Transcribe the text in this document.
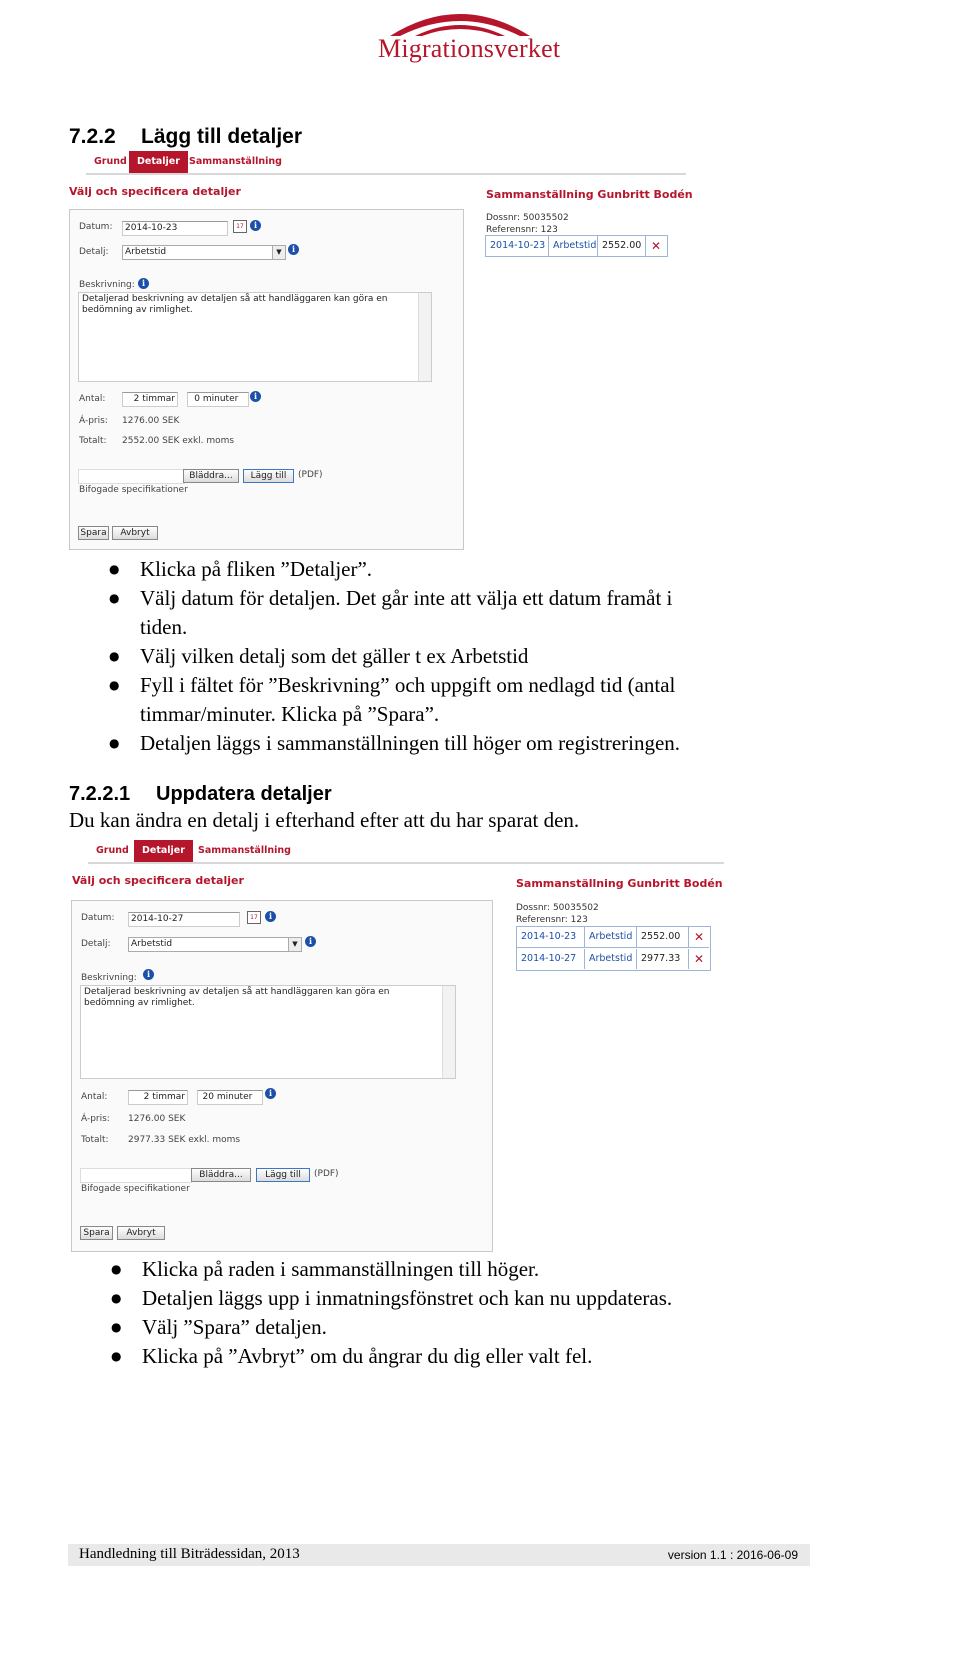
Migrationsverket
7.2.2 Lägg till detaljer
Grund	Detaljer Sammanställning
Välj och specificera detaljer
Datum:	2014-10-23	17	i
Detalj:	Arbetstid	▼	i
Beskrivning: i
Detaljerad beskrivning av detaljen så att handläggaren kan göra en bedömning av rimlighet.
Antal:	2 timmar	0 minuter	i
Á-pris: 1276.00 SEK
Totalt: 2552.00 SEK exkl. moms
Bläddra...	Lägg till	(PDF)
Bifogade specifikationer
Spara	Avbryt
Sammanställning Gunbritt Bodén
Dossnr: 50035502
Referensnr: 123
2014-10-23 Arbetstid 2552.00 ✕
● Klicka på fliken ”Detaljer”.
● Välj datum för detaljen. Det går inte att välja ett datum framåt i
tiden.
● Välj vilken detalj som det gäller t ex Arbetstid
● Fyll i fältet för ”Beskrivning” och uppgift om nedlagd tid (antal
timmar/minuter. Klicka på ”Spara”.
● Detaljen läggs i sammanställningen till höger om registreringen.
7.2.2.1 Uppdatera detaljer
Du kan ändra en detalj i efterhand efter att du har sparat den.
Grund	Detaljer	Sammanställning
Välj och specificera detaljer
Datum:	2014-10-27	17	i
Detalj:	Arbetstid	▼	i
Beskrivning:	i
Detaljerad beskrivning av detaljen så att handläggaren kan göra en bedömning av rimlighet.
Antal:	2 timmar	20 minuter	i
Á-pris: 1276.00 SEK
Totalt: 2977.33 SEK exkl. moms
Bläddra...	Lägg till	(PDF)
Bifogade specifikationer
Spara	Avbryt
Sammanställning Gunbritt Bodén
Dossnr: 50035502
Referensnr: 123
2014-10-23	Arbetstid 2552.00	✕
2014-10-27	Arbetstid 2977.33	✕
● Klicka på raden i sammanställningen till höger.
● Detaljen läggs upp i inmatningsfönstret och kan nu uppdateras.
● Välj ”Spara” detaljen.
● Klicka på ”Avbryt” om du ångrar du dig eller valt fel.
Handledning till Biträdessidan, 2013	version 1.1 : 2016-06-09
